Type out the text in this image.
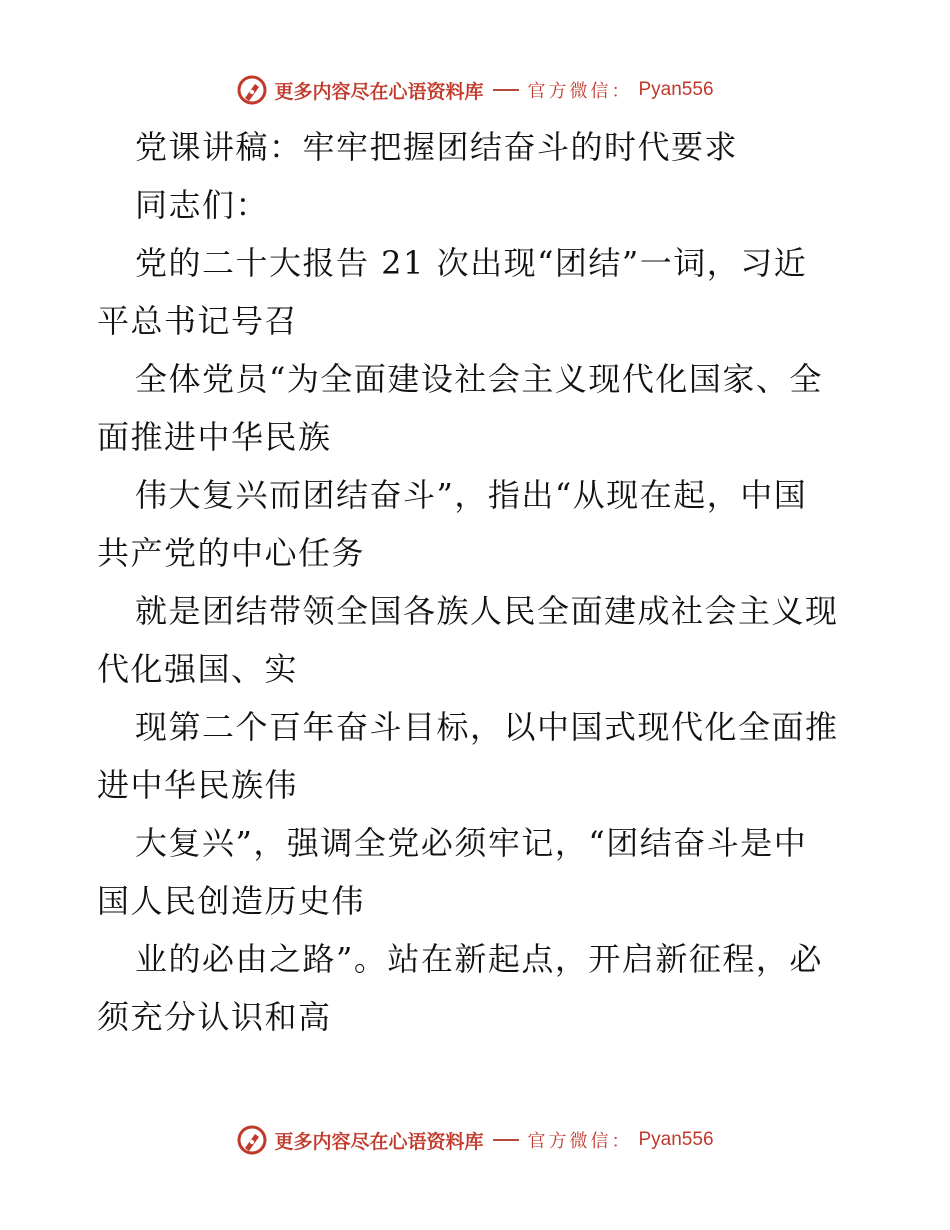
更多内容尽在心语资料库 官方微信： Pyan556
党课讲稿：牢牢把握团结奋斗的时代要求
同志们：
党的二十大报告 21 次出现“团结”一词，习近
平总书记号召
全体党员“为全面建设社会主义现代化国家、全
面推进中华民族
伟大复兴而团结奋斗”，指出“从现在起，中国
共产党的中心任务
就是团结带领全国各族人民全面建成社会主义现
代化强国、实
现第二个百年奋斗目标，以中国式现代化全面推
进中华民族伟
大复兴”，强调全党必须牢记，“团结奋斗是中
国人民创造历史伟
业的必由之路”。站在新起点，开启新征程，必
须充分认识和高
更多内容尽在心语资料库 官方微信： Pyan556
